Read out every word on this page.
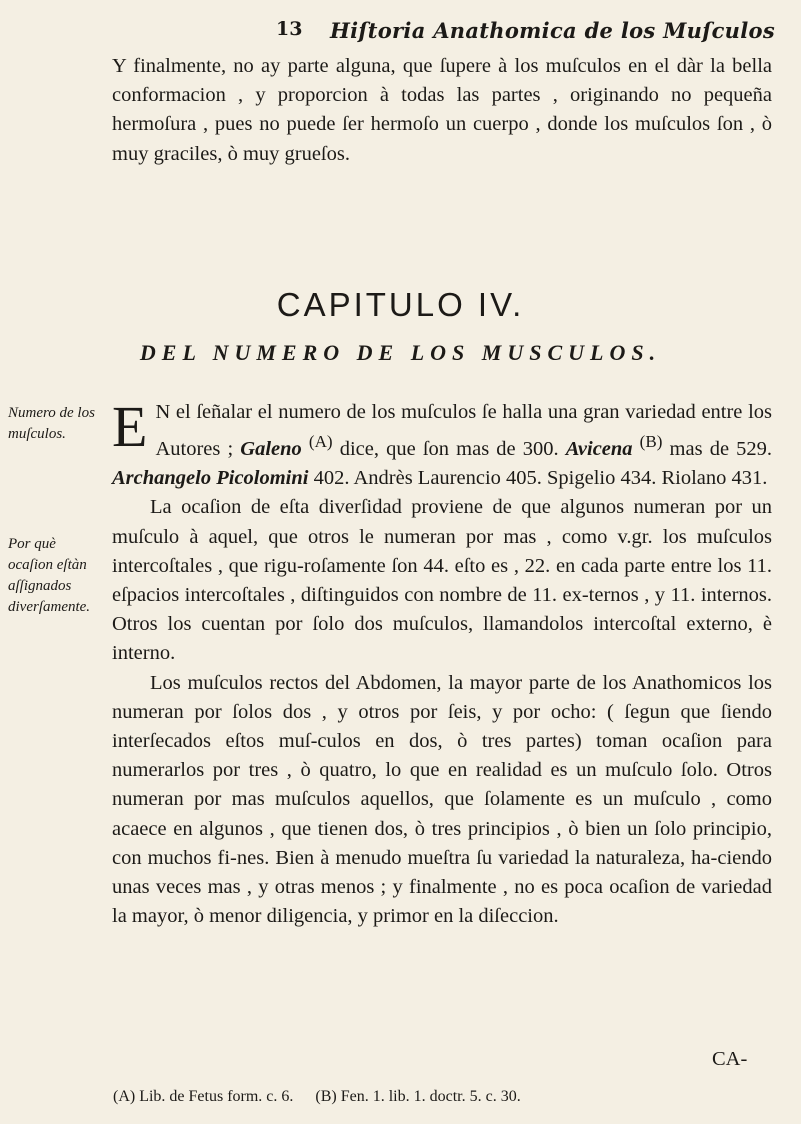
13 Hiſtoria Anathomica de los Muſculos

Y finalmente, no ay parte alguna, que ſupere à los muſculos en el dàr la bella conformacion , y proporcion à todas las partes , originando no pequeña hermoſura , pues no puede ſer hermoſo un cuerpo , donde los muſculos ſon , ò muy graciles, ò muy grueſos.

CAPITULO IV.
DEL NUMERO DE LOS MUSCULOS.
Numero de los muſculos.
Por què ocaſion eſtàn aſſignados diverſamente.

E N el ſeñalar el numero de los muſculos ſe halla una gran variedad entre los Autores ; Galeno $^{(A)}$ dice, que ſon mas de 300. Avicena $^{(B)}$ mas de 529. Archangelo Picolomini 402. Andrès Laurencio 405. Spigelio 434. Riolano 431.

La ocaſion de eſta diverſidad proviene de que algunos numeran por un muſculo à aquel, que otros le numeran por mas , como v.gr. los muſculos intercoſtales , que rigu-roſamente ſon 44. eſto es , 22. en cada parte entre los 11. eſpacios intercoſtales , diſtinguidos con nombre de 11. ex-ternos , y 11. internos. Otros los cuentan por ſolo dos muſculos, llamandolos intercoſtal externo, è interno.

Los muſculos rectos del Abdomen, la mayor parte de los Anathomicos los numeran por ſolos dos , y otros por ſeis, y por ocho: ( ſegun que ſiendo interſecados eſtos muſ-culos en dos, ò tres partes) toman ocaſion para numerarlos por tres , ò quatro, lo que en realidad es un muſculo ſolo. Otros numeran por mas muſculos aquellos, que ſolamente es un muſculo , como acaece en algunos , que tienen dos, ò tres principios , ò bien un ſolo principio, con muchos fi-nes. Bien à menudo mueſtra ſu variedad la naturaleza, ha-ciendo unas veces mas , y otras menos ; y finalmente , no es poca ocaſion de variedad la mayor, ò menor diligencia, y primor en la diſeccion.

CA-
(A) Lib. de Fetus form. c. 6. (B) Fen. 1. lib. 1. doctr. 5. c. 30.
